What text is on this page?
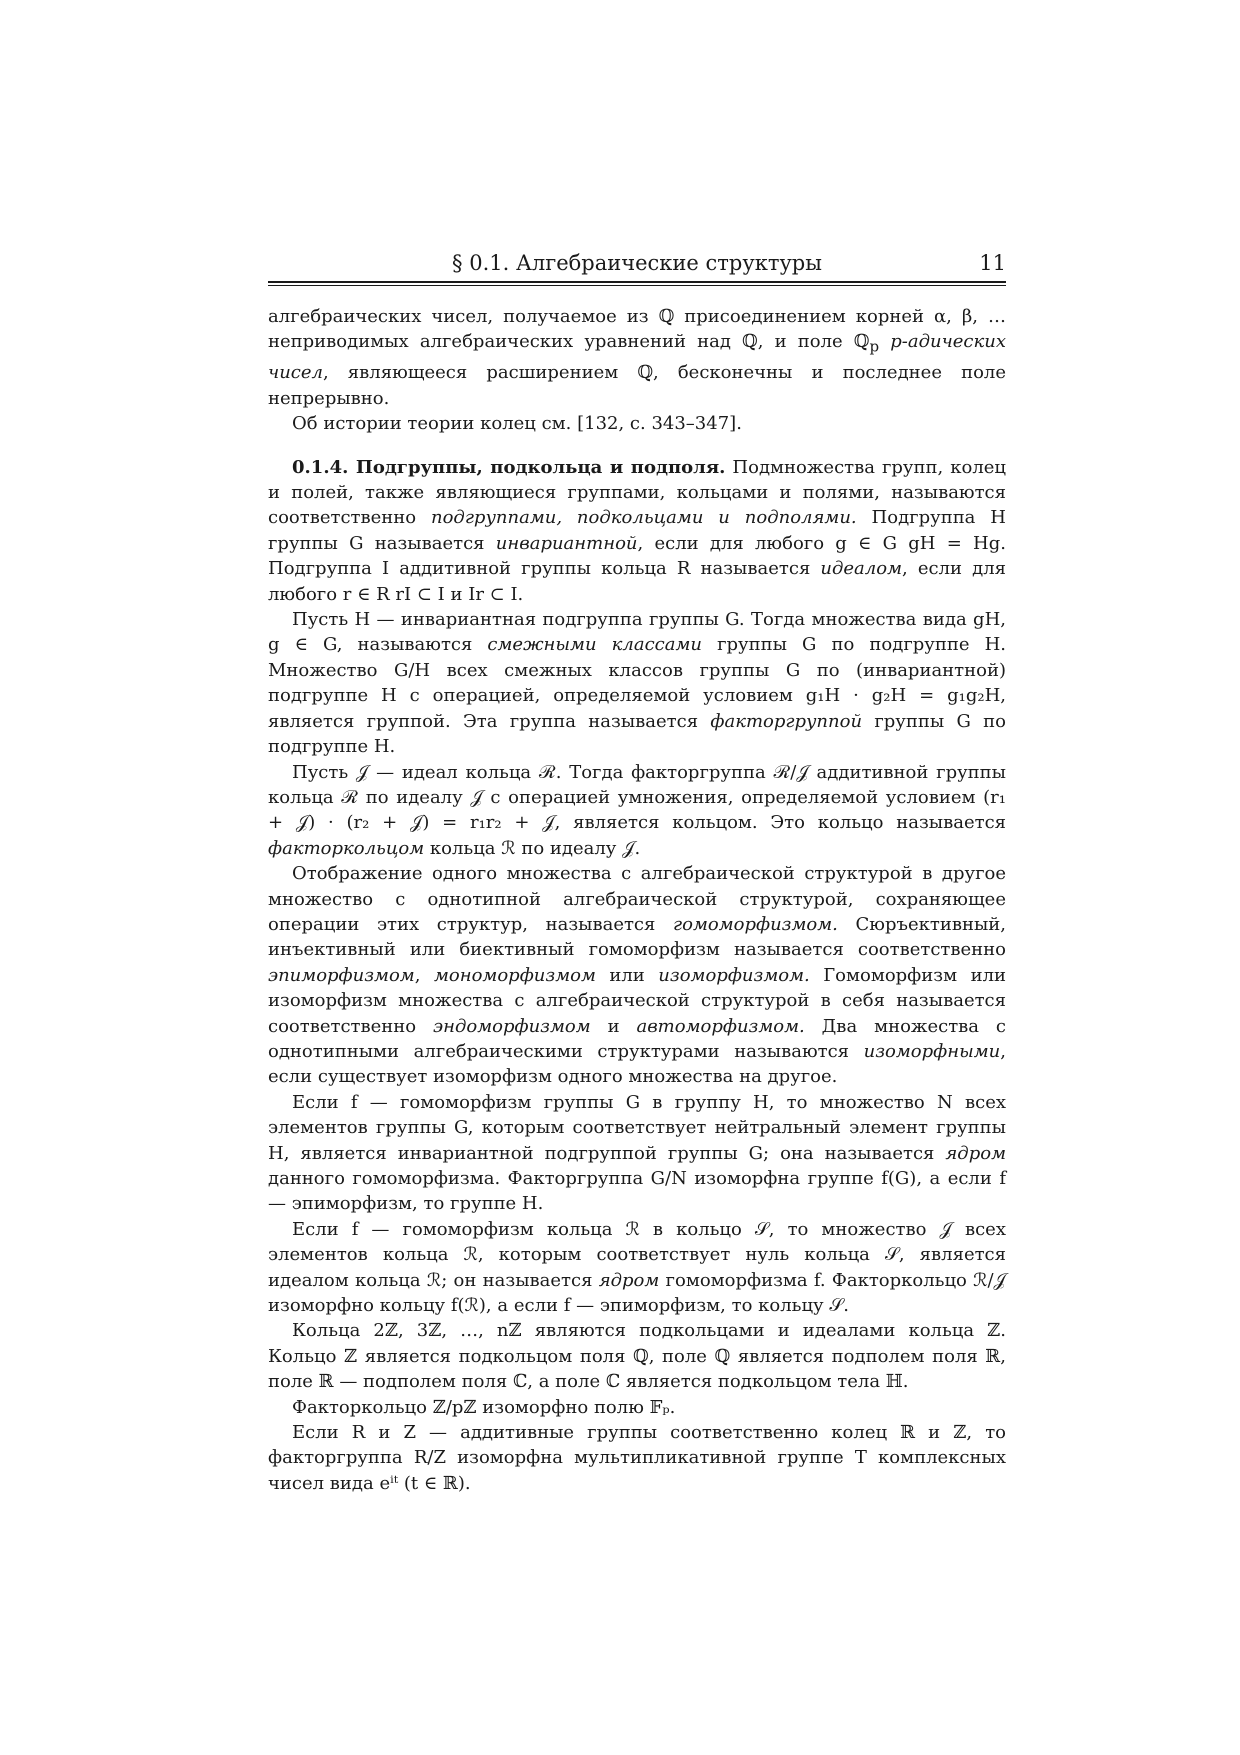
§ 0.1. Алгебраические структуры	11

алгебраических чисел, получаемое из ℚ присоединением корней α, β, … неприводимых алгебраических уравнений над ℚ, и поле ℚ$_p$ p-адических чисел, являющееся расширением ℚ, бесконечны и последнее поле непрерывно.

Об истории теории колец см. [132, с. 343–347].

0.1.4. Подгруппы, подкольца и подполя. Подмножества групп, колец и полей, также являющиеся группами, кольцами и полями, называются соответственно подгруппами, подкольцами и подполями. Подгруппа H группы G называется инвариантной, если для любого g ∈ G gH = Hg. Подгруппа I аддитивной группы кольца R называется идеалом, если для любого r ∈ R rI ⊂ I и Ir ⊂ I.

Пусть H — инвариантная подгруппа группы G. Тогда множества вида gH, g ∈ G, называются смежными классами группы G по подгруппе H. Множество G/H всех смежных классов группы G по (инвариантной) подгруппе H с операцией, определяемой условием g₁H · g₂H = g₁g₂H, является группой. Эта группа называется факторгруппой группы G по подгруппе H.

Пусть 𝒥 — идеал кольца ℛ. Тогда факторгруппа ℛ/𝒥 аддитивной группы кольца ℛ по идеалу 𝒥 с операцией умножения, определяемой условием (r₁ + 𝒥) · (r₂ + 𝒥) = r₁r₂ + 𝒥, является кольцом. Это кольцо называется факторкольцом кольца ℛ по идеалу 𝒥.

Отображение одного множества с алгебраической структурой в другое множество с однотипной алгебраической структурой, сохраняющее операции этих структур, называется гомоморфизмом. Сюръективный, инъективный или биективный гомоморфизм называется соответственно эпиморфизмом, мономорфизмом или изоморфизмом. Гомоморфизм или изоморфизм множества с алгебраической структурой в себя называется соответственно эндоморфизмом и автоморфизмом. Два множества с однотипными алгебраическими структурами называются изоморфными, если существует изоморфизм одного множества на другое.

Если f — гомоморфизм группы G в группу H, то множество N всех элементов группы G, которым соответствует нейтральный элемент группы H, является инвариантной подгруппой группы G; она называется ядром данного гомоморфизма. Факторгруппа G/N изоморфна группе f(G), а если f — эпиморфизм, то группе H.

Если f — гомоморфизм кольца ℛ в кольцо 𝒮, то множество 𝒥 всех элементов кольца ℛ, которым соответствует нуль кольца 𝒮, является идеалом кольца ℛ; он называется ядром гомоморфизма f. Факторкольцо ℛ/𝒥 изоморфно кольцу f(ℛ), а если f — эпиморфизм, то кольцу 𝒮.

Кольца 2ℤ, 3ℤ, …, nℤ являются подкольцами и идеалами кольца ℤ. Кольцо ℤ является подкольцом поля ℚ, поле ℚ является подполем поля ℝ, поле ℝ — подполем поля ℂ, а поле ℂ является подкольцом тела ℍ.

Факторкольцо ℤ/pℤ изоморфно полю 𝔽ₚ.

Если R и Z — аддитивные группы соответственно колец ℝ и ℤ, то факторгруппа R/Z изоморфна мультипликативной группе T комплексных чисел вида eⁱᵗ (t ∈ ℝ).
